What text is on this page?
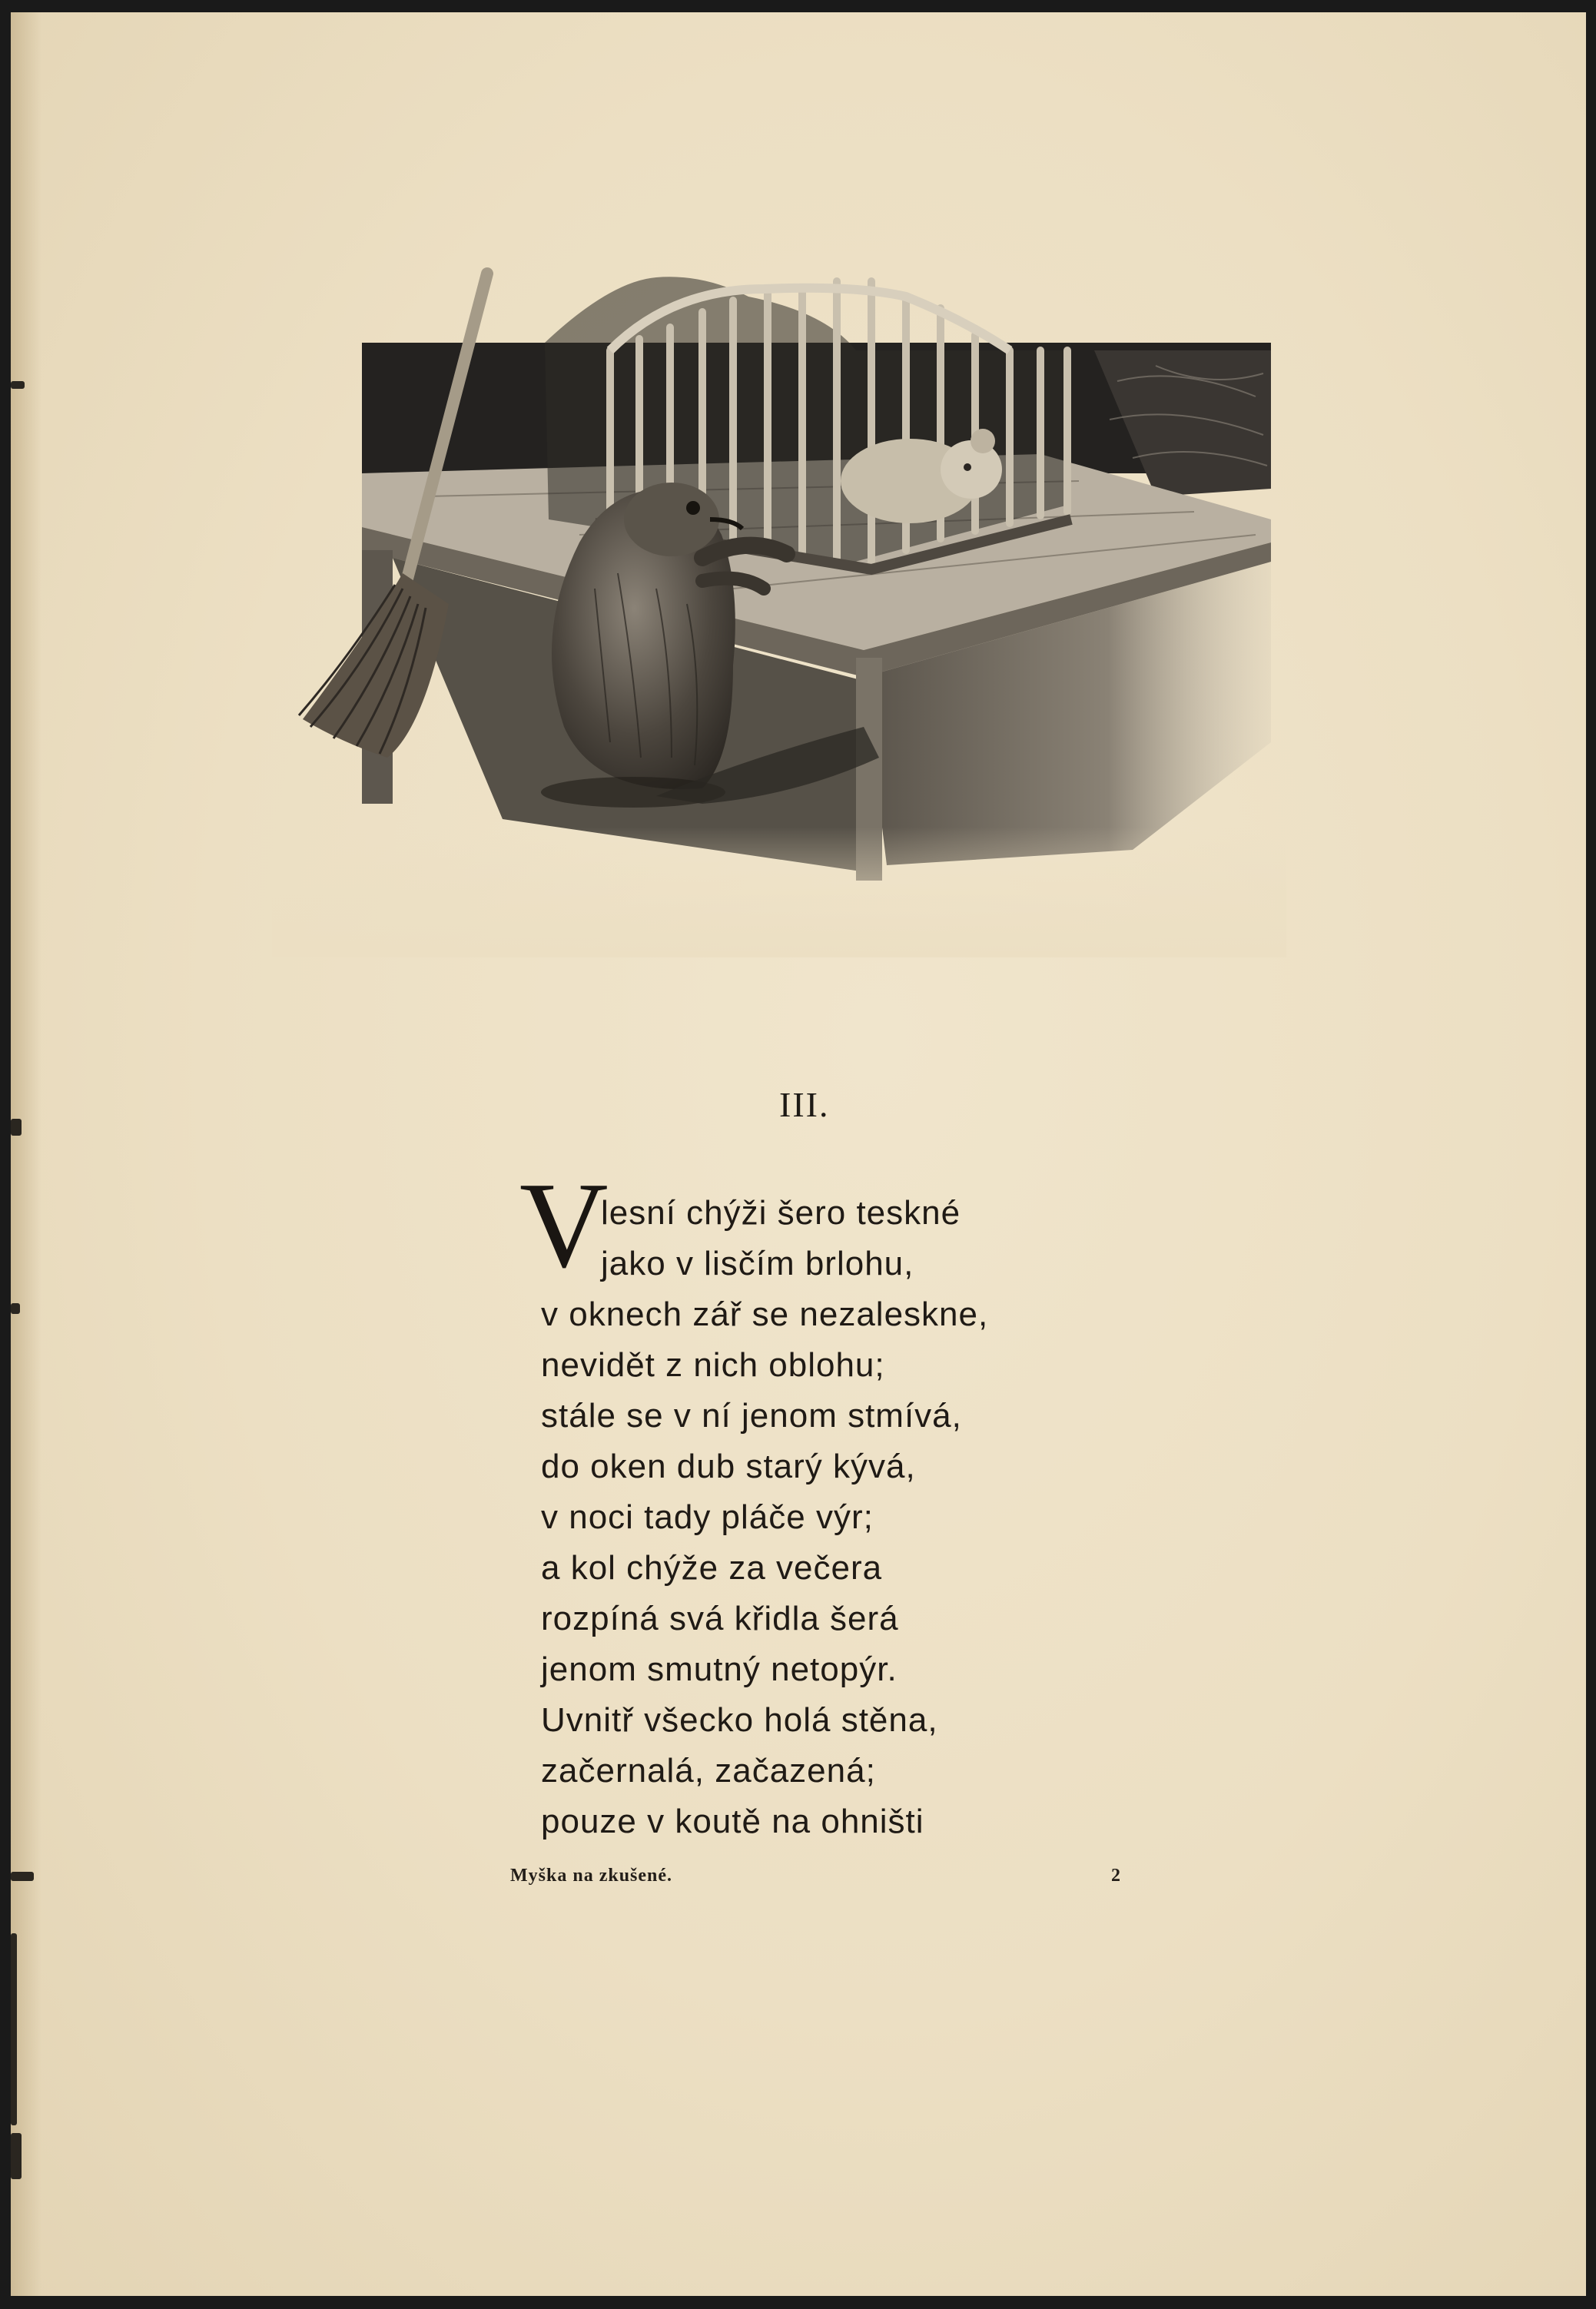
III.
V
lesní chýži šero teskné
jako v lisčím brlohu,
v oknech zář se nezaleskne,
nevidět z nich oblohu;
stále se v ní jenom stmívá,
do oken dub starý kývá,
v noci tady pláče výr;
a kol chýže za večera
rozpíná svá křidla šerá
jenom smutný netopýr.
Uvnitř všecko holá stěna,
začernalá, začazená;
pouze v koutě na ohništi
Myška na zkušené.	2
